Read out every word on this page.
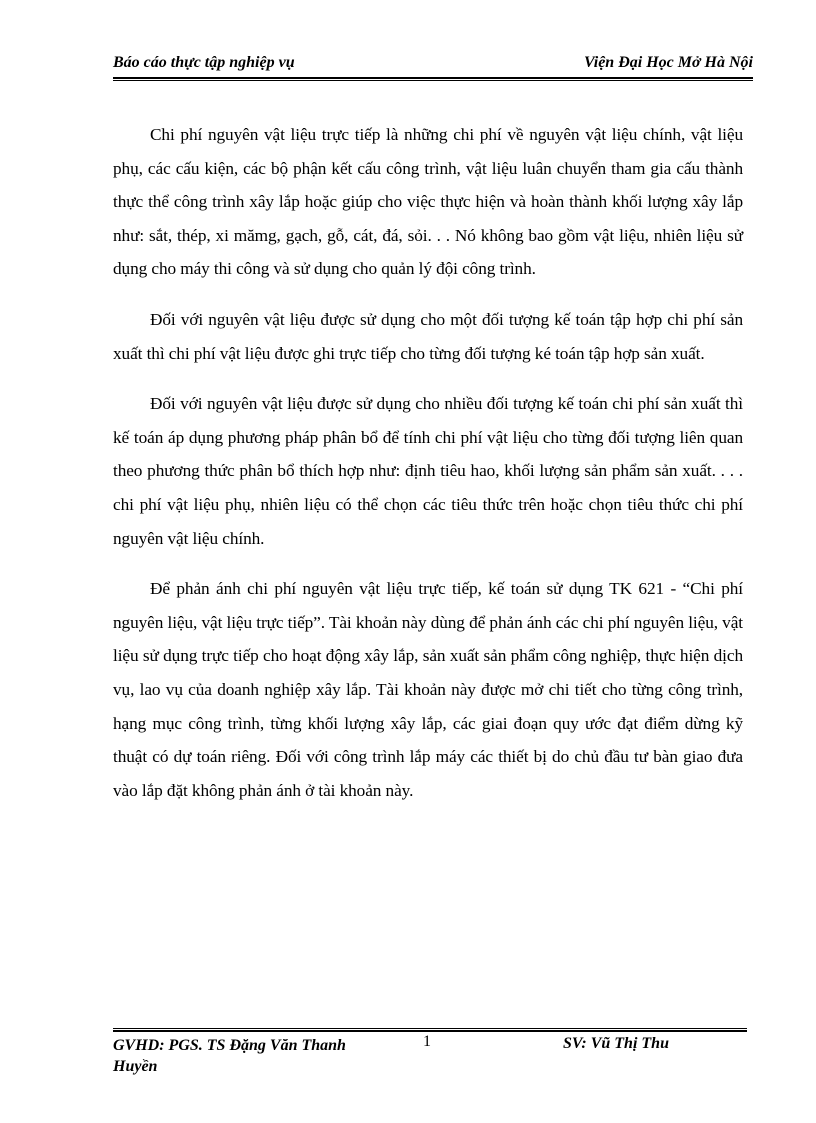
Báo cáo thực tập nghiệp vụ	Viện Đại Học Mở Hà Nội

Chi phí nguyên vật liệu trực tiếp là những chi phí về nguyên vật liệu chính, vật liệu phụ, các cấu kiện, các bộ phận kết cấu công trình, vật liệu luân chuyển tham gia cấu thành thực thể công trình xây lắp hoặc giúp cho việc thực hiện và hoàn thành khối lượng xây lắp như: sắt, thép, xi mămg, gạch, gỗ, cát, đá, sỏi. . . Nó không bao gồm vật liệu, nhiên liệu sử dụng cho máy thi công và sử dụng cho quản lý đội công trình.

Đối với nguyên vật liệu được sử dụng cho một đối tượng kế toán tập hợp chi phí sản xuất thì chi phí vật liệu được ghi trực tiếp cho từng đối tượng ké toán tập hợp sản xuất.

Đối với nguyên vật liệu được sử dụng cho nhiều đối tượng kế toán chi phí sản xuất thì kế toán áp dụng phương pháp phân bổ để tính chi phí vật liệu cho từng đối tượng liên quan theo phương thức phân bổ thích hợp như: định tiêu hao, khối lượng sản phẩm sản xuất. . . . chi phí vật liệu phụ, nhiên liệu có thể chọn các tiêu thức trên hoặc chọn tiêu thức chi phí nguyên vật liệu chính.

Để phản ánh chi phí nguyên vật liệu trực tiếp, kế toán sử dụng TK 621 - “Chi phí nguyên liệu, vật liệu trực tiếp”. Tài khoản này dùng để phản ánh các chi phí nguyên liệu, vật liệu sử dụng trực tiếp cho hoạt động xây lắp, sản xuất sản phẩm công nghiệp, thực hiện dịch vụ, lao vụ của doanh nghiệp xây lắp. Tài khoản này được mở chi tiết cho từng công trình, hạng mục công trình, từng khối lượng xây lắp, các giai đoạn quy ước đạt điểm dừng kỹ thuật có dự toán riêng. Đối với công trình lắp máy các thiết bị do chủ đầu tư bàn giao đưa vào lắp đặt không phản ánh ở tài khoản này.

GVHD: PGS. TS Đặng Văn Thanh Huyền
1	SV: Vũ Thị Thu
